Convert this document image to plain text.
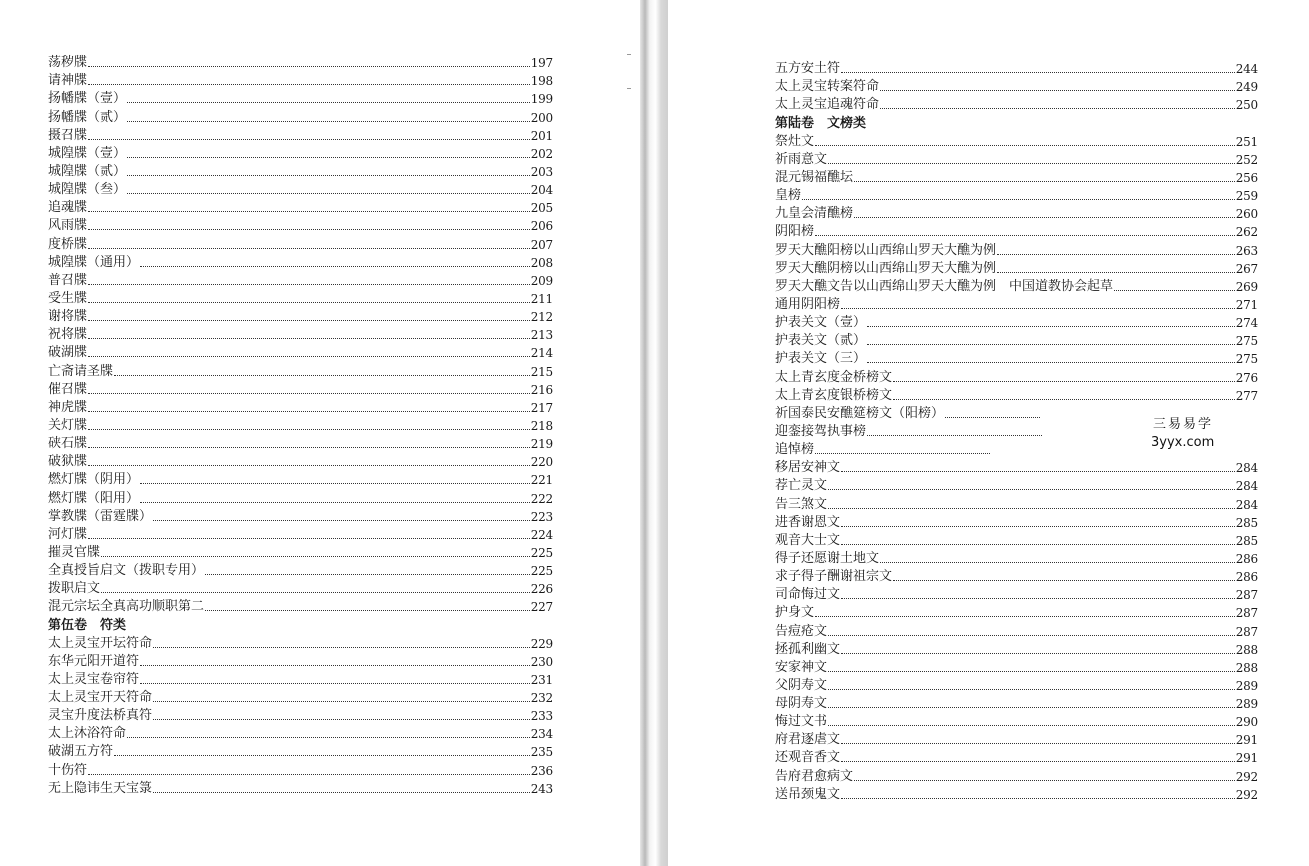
荡秽牒	197
请神牒	198
扬幡牒（壹）	199
扬幡牒（贰）	200
摄召牒	201
城隍牒（壹）	202
城隍牒（贰）	203
城隍牒（叁）	204
追魂牒	205
风雨牒	206
度桥牒	207
城隍牒（通用）	208
普召牒	209
受生牒	211
谢将牒	212
祝将牒	213
破湖牒	214
亡斋请圣牒	215
催召牒	216
神虎牒	217
关灯牒	218
硖石牒	219
破狱牒	220
燃灯牒（阴用）	221
燃灯牒（阳用）	222
掌教牒（雷霆牒）	223
河灯牒	224
摧灵官牒	225
全真授旨启文（拨职专用）	225
拨职启文	226
混元宗坛全真高功顺职第二	227
第伍卷　符类
太上灵宝开坛符命	229
东华元阳开道符	230
太上灵宝卷帘符	231
太上灵宝开天符命	232
灵宝升度法桥真符	233
太上沐浴符命	234
破湖五方符	235
十伤符	236
无上隐讳生天宝箓	243
五方安土符	244
太上灵宝转案符命	249
太上灵宝追魂符命	250
第陆卷　文榜类
祭灶文	251
祈雨意文	252
混元锡福醮坛	256
皇榜	259
九皇会清醮榜	260
阴阳榜	262
罗天大醮阳榜以山西绵山罗天大醮为例	263
罗天大醮阴榜以山西绵山罗天大醮为例	267
罗天大醮文告以山西绵山罗天大醮为例　中国道教协会起草	269
通用阴阳榜	271
护表关文（壹）	274
护表关文（贰）	275
护表关文（三）	275
太上青玄度金桥榜文	276
太上青玄度银桥榜文	277
祈国泰民安醮筵榜文（阳榜）
迎銮接驾执事榜
追悼榜
移居安神文	284
荐亡灵文	284
告三煞文	284
进香谢恩文	285
观音大士文	285
得子还愿谢土地文	286
求子得子酬谢祖宗文	286
司命悔过文	287
护身文	287
告痘疮文	287
拯孤利幽文	288
安家神文	288
父阴寿文	289
母阴寿文	289
悔过文书	290
府君逐虐文	291
还观音香文	291
告府君愈病文	292
送吊颈鬼文	292
三易易学
3yyx.com
